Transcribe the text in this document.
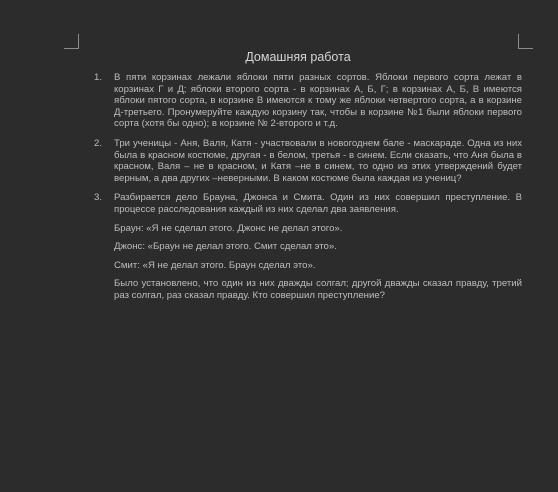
Домашняя работа
1. В пяти корзинах лежали яблоки пяти разных сортов. Яблоки первого сорта лежат в корзинах Г и Д; яблоки второго сорта - в корзинах А, Б, Г; в корзинах А, Б, В имеются яблоки пятого сорта, в корзине В имеются к тому же яблоки четвертого сорта, а в корзине Д-третьего. Пронумеруйте каждую корзину так, чтобы в корзине №1 были яблоки первого сорта (хотя бы одно); в корзине № 2-второго и т.д.

2. Три ученицы - Аня, Валя, Катя - участвовали в новогоднем бале - маскараде. Одна из них была в красном костюме, другая - в белом, третья - в синем. Если сказать, что Аня была в красном, Валя – не в красном, и Катя –не в синем, то одно из этих утверждений будет верным, а два других –неверными. В каком костюме была каждая из учениц?

3. Разбирается дело Брауна, Джонса и Смита. Один из них совершил преступление. В процессе расследования каждый из них сделал два заявления.

Браун: «Я не сделал этого. Джонс не делал этого».

Джонс: «Браун не делал этого. Смит сделал это».

Смит: «Я не делал этого. Браун сделал это».

Было установлено, что один из них дважды солгал; другой дважды сказал правду, третий раз солгал, раз сказал правду. Кто совершил преступление?
